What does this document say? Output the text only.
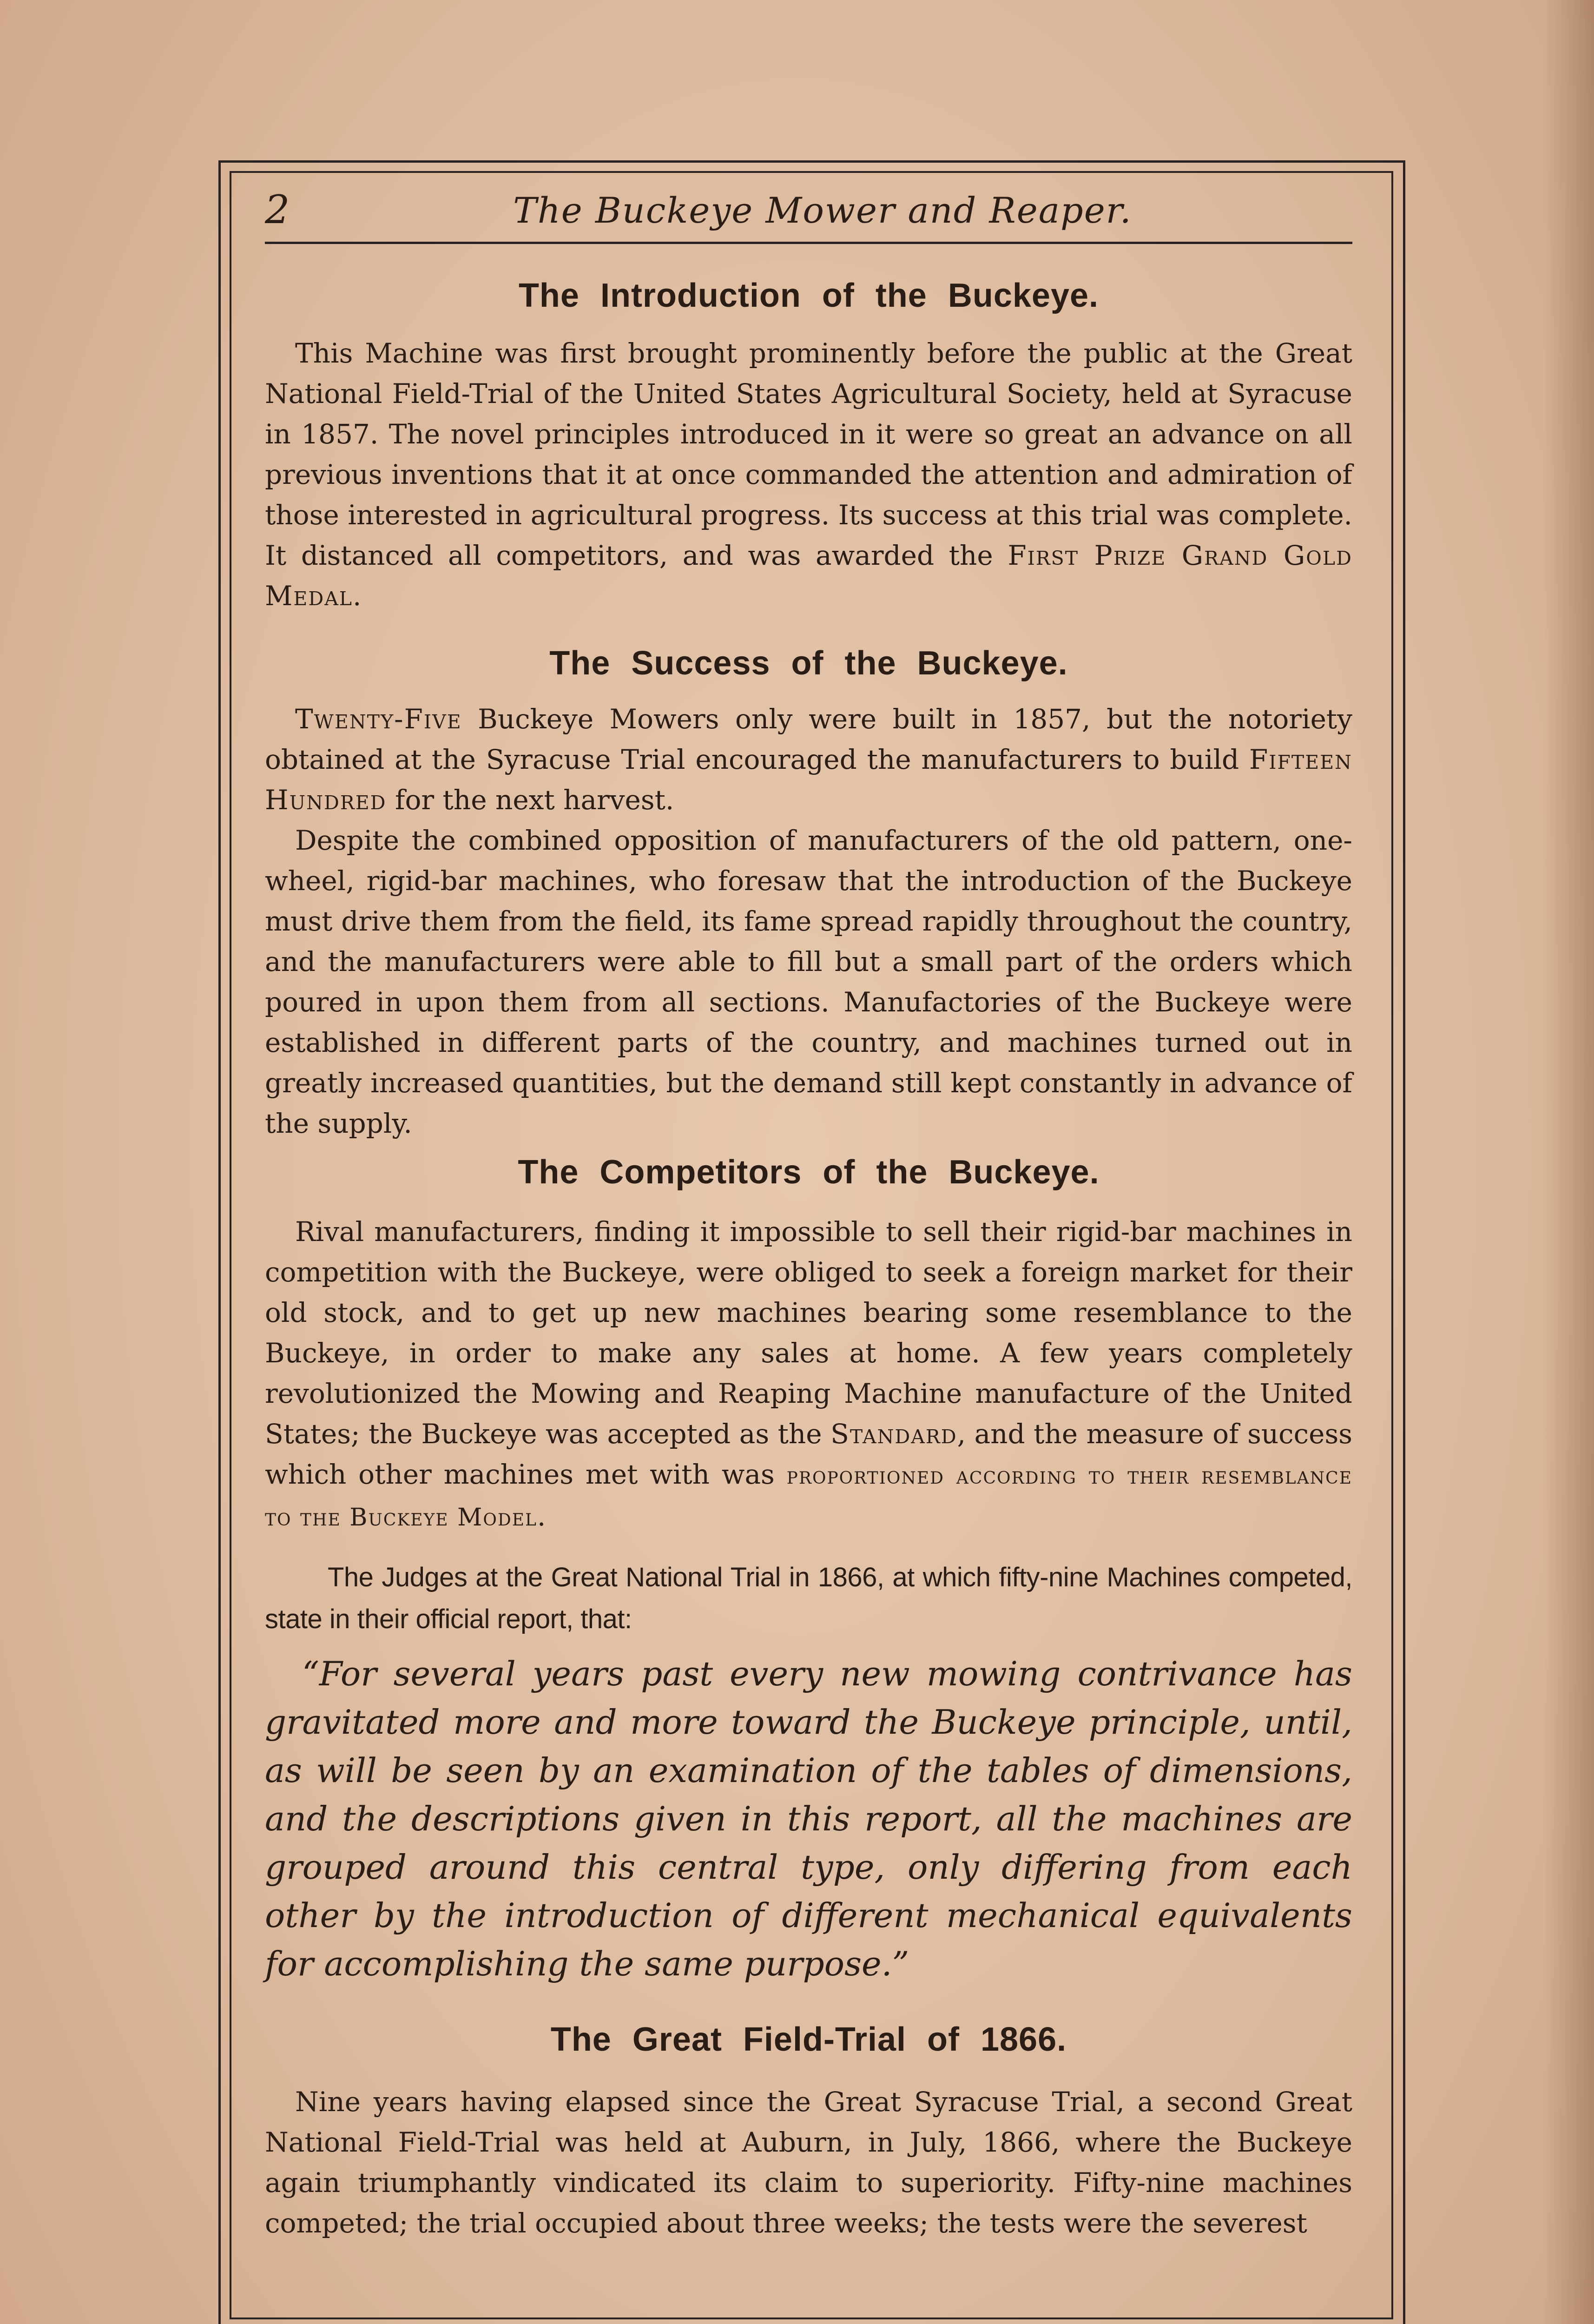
2	The Buckeye Mower and Reaper.
The Introduction of the Buckeye.

This Machine was first brought prominently before the public at the Great National Field-Trial of the United States Agricultural Society, held at Syracuse in 1857. The novel principles introduced in it were so great an advance on all previous inventions that it at once commanded the attention and admiration of those interested in agricultural progress. Its success at this trial was complete. It distanced all competitors, and was awarded the First Prize Grand Gold Medal.

The Success of the Buckeye.

Twenty-Five Buckeye Mowers only were built in 1857, but the notoriety obtained at the Syracuse Trial encouraged the manufacturers to build Fifteen Hundred for the next harvest.

Despite the combined opposition of manufacturers of the old pattern, one-wheel, rigid-bar machines, who foresaw that the introduction of the Buckeye must drive them from the field, its fame spread rapidly throughout the country, and the manufacturers were able to fill but a small part of the orders which poured in upon them from all sections. Manufactories of the Buckeye were established in different parts of the country, and machines turned out in greatly increased quantities, but the demand still kept constantly in advance of the supply.

The Competitors of the Buckeye.

Rival manufacturers, finding it impossible to sell their rigid-bar machines in competition with the Buckeye, were obliged to seek a foreign market for their old stock, and to get up new machines bearing some resemblance to the Buckeye, in order to make any sales at home. A few years completely revolutionized the Mowing and Reaping Machine manufacture of the United States; the Buckeye was accepted as the Standard, and the measure of success which other machines met with was proportioned according to their resemblance to the Buckeye Model.

The Judges at the Great National Trial in 1866, at which fifty-nine Machines competed, state in their official report, that:

“For several years past every new mowing contrivance has gravitated more and more toward the Buckeye principle, until, as will be seen by an examination of the tables of dimensions, and the descriptions given in this report, all the machines are grouped around this central type, only differing from each other by the introduction of different mechanical equivalents for accomplishing the same purpose.”

The Great Field-Trial of 1866.

Nine years having elapsed since the Great Syracuse Trial, a second Great National Field-Trial was held at Auburn, in July, 1866, where the Buckeye again triumphantly vindicated its claim to superiority. Fifty-nine machines competed; the trial occupied about three weeks; the tests were the severest
